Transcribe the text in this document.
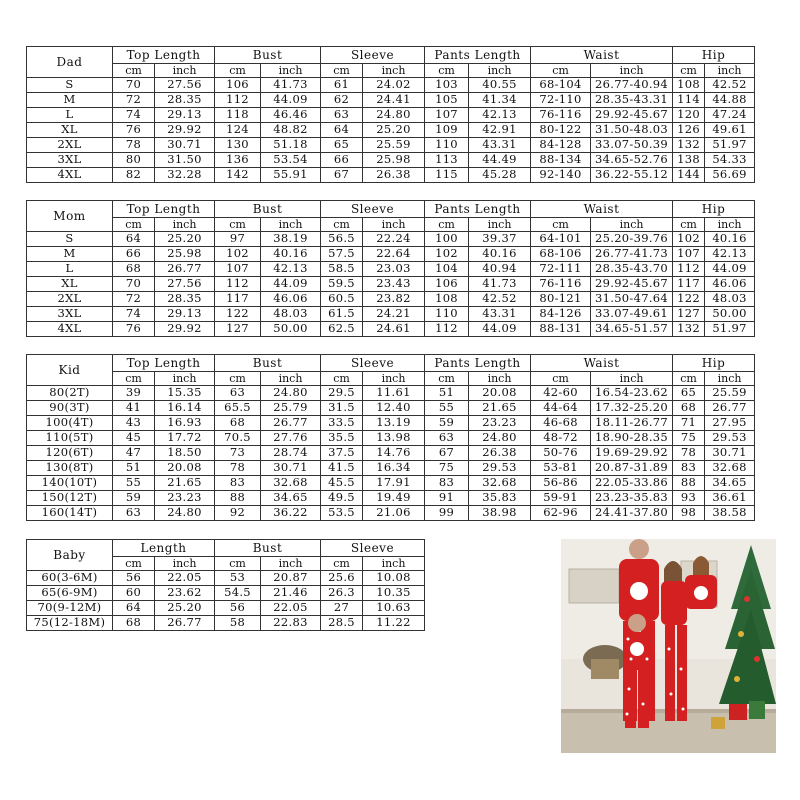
Dad	Top Length		Bust		Sleeve		Pants Length		Waist		Hip	
	cm	inch	cm	inch	cm	inch	cm	inch	cm	inch	cm	inch
S	70	27.56	106	41.73	61	24.02	103	40.55	68-104	26.77-40.94	108	42.52
M	72	28.35	112	44.09	62	24.41	105	41.34	72-110	28.35-43.31	114	44.88
L	74	29.13	118	46.46	63	24.80	107	42.13	76-116	29.92-45.67	120	47.24
XL	76	29.92	124	48.82	64	25.20	109	42.91	80-122	31.50-48.03	126	49.61
2XL	78	30.71	130	51.18	65	25.59	110	43.31	84-128	33.07-50.39	132	51.97
3XL	80	31.50	136	53.54	66	25.98	113	44.49	88-134	34.65-52.76	138	54.33
4XL	82	32.28	142	55.91	67	26.38	115	45.28	92-140	36.22-55.12	144	56.69
Mom	Top Length		Bust		Sleeve		Pants Length		Waist		Hip	
	cm	inch	cm	inch	cm	inch	cm	inch	cm	inch	cm	inch
S	64	25.20	97	38.19	56.5	22.24	100	39.37	64-101	25.20-39.76	102	40.16
M	66	25.98	102	40.16	57.5	22.64	102	40.16	68-106	26.77-41.73	107	42.13
L	68	26.77	107	42.13	58.5	23.03	104	40.94	72-111	28.35-43.70	112	44.09
XL	70	27.56	112	44.09	59.5	23.43	106	41.73	76-116	29.92-45.67	117	46.06
2XL	72	28.35	117	46.06	60.5	23.82	108	42.52	80-121	31.50-47.64	122	48.03
3XL	74	29.13	122	48.03	61.5	24.21	110	43.31	84-126	33.07-49.61	127	50.00
4XL	76	29.92	127	50.00	62.5	24.61	112	44.09	88-131	34.65-51.57	132	51.97
Kid	Top Length		Bust		Sleeve		Pants Length		Waist		Hip	
	cm	inch	cm	inch	cm	inch	cm	inch	cm	inch	cm	inch
80(2T)	39	15.35	63	24.80	29.5	11.61	51	20.08	42-60	16.54-23.62	65	25.59
90(3T)	41	16.14	65.5	25.79	31.5	12.40	55	21.65	44-64	17.32-25.20	68	26.77
100(4T)	43	16.93	68	26.77	33.5	13.19	59	23.23	46-68	18.11-26.77	71	27.95
110(5T)	45	17.72	70.5	27.76	35.5	13.98	63	24.80	48-72	18.90-28.35	75	29.53
120(6T)	47	18.50	73	28.74	37.5	14.76	67	26.38	50-76	19.69-29.92	78	30.71
130(8T)	51	20.08	78	30.71	41.5	16.34	75	29.53	53-81	20.87-31.89	83	32.68
140(10T)	55	21.65	83	32.68	45.5	17.91	83	32.68	56-86	22.05-33.86	88	34.65
150(12T)	59	23.23	88	34.65	49.5	19.49	91	35.83	59-91	23.23-35.83	93	36.61
160(14T)	63	24.80	92	36.22	53.5	21.06	99	38.98	62-96	24.41-37.80	98	38.58
Baby	Length		Bust		Sleeve	
	cm	inch	cm	inch	cm	inch
60(3-6M)	56	22.05	53	20.87	25.6	10.08
65(6-9M)	60	23.62	54.5	21.46	26.3	10.35
70(9-12M)	64	25.20	56	22.05	27	10.63
75(12-18M)	68	26.77	58	22.83	28.5	11.22
